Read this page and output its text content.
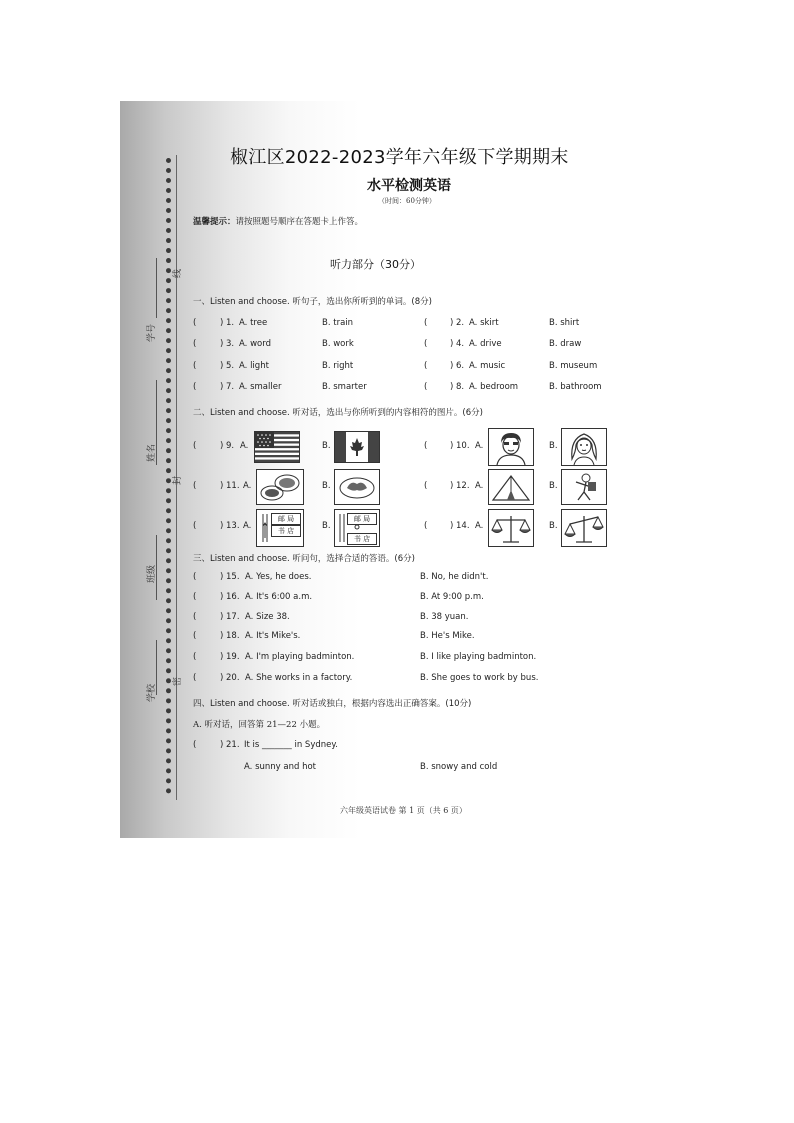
线
学号
姓名
封
班级
密
学校
椒江区2022-2023学年六年级下学期期末
水平检测英语
（时间：60分钟）
温馨提示：请按照题号顺序在答题卡上作答。
听力部分（30分）
一、Listen and choose. 听句子，选出你所听到的单词。(8分)
(	) 1. A. tree	B. train	(	) 2. A. skirt	B. shirt
(	) 3. A. word	B. work	(	) 4. A. drive	B. draw
(	) 5. A. light	B. right	(	) 6. A. music	B. museum
(	) 7. A. smaller	B. smarter	(	) 8. A. bedroom	B. bathroom
二、Listen and choose. 听对话，选出与你所听到的内容相符的图片。(6分)
(	) 9. A.	B.	(	) 10. A.	B.
(	) 11. A.	B.	(	) 12. A.	B.
(	) 13. A.
邮 局
书 店	B.
邮 局
书 店
(	) 14. A.	B.
三、Listen and choose. 听问句，选择合适的答语。(6分)
(	) 15. A. Yes, he does.	B. No, he didn't.
(	) 16. A. It's 6:00 a.m.	B. At 9:00 p.m.
(	) 17. A. Size 38.	B. 38 yuan.
(	) 18. A. It's Mike's.	B. He's Mike.
(	) 19. A. I'm playing badminton.	B. I like playing badminton.
(	) 20. A. She works in a factory.	B. She goes to work by bus.
四、Listen and choose. 听对话或独白，根据内容选出正确答案。(10分)
A. 听对话，回答第 21—22 小题。
(	) 21. It is _______ in Sydney.
A. sunny and hot	B. snowy and cold
六年级英语试卷 第 1 页（共 6 页）
